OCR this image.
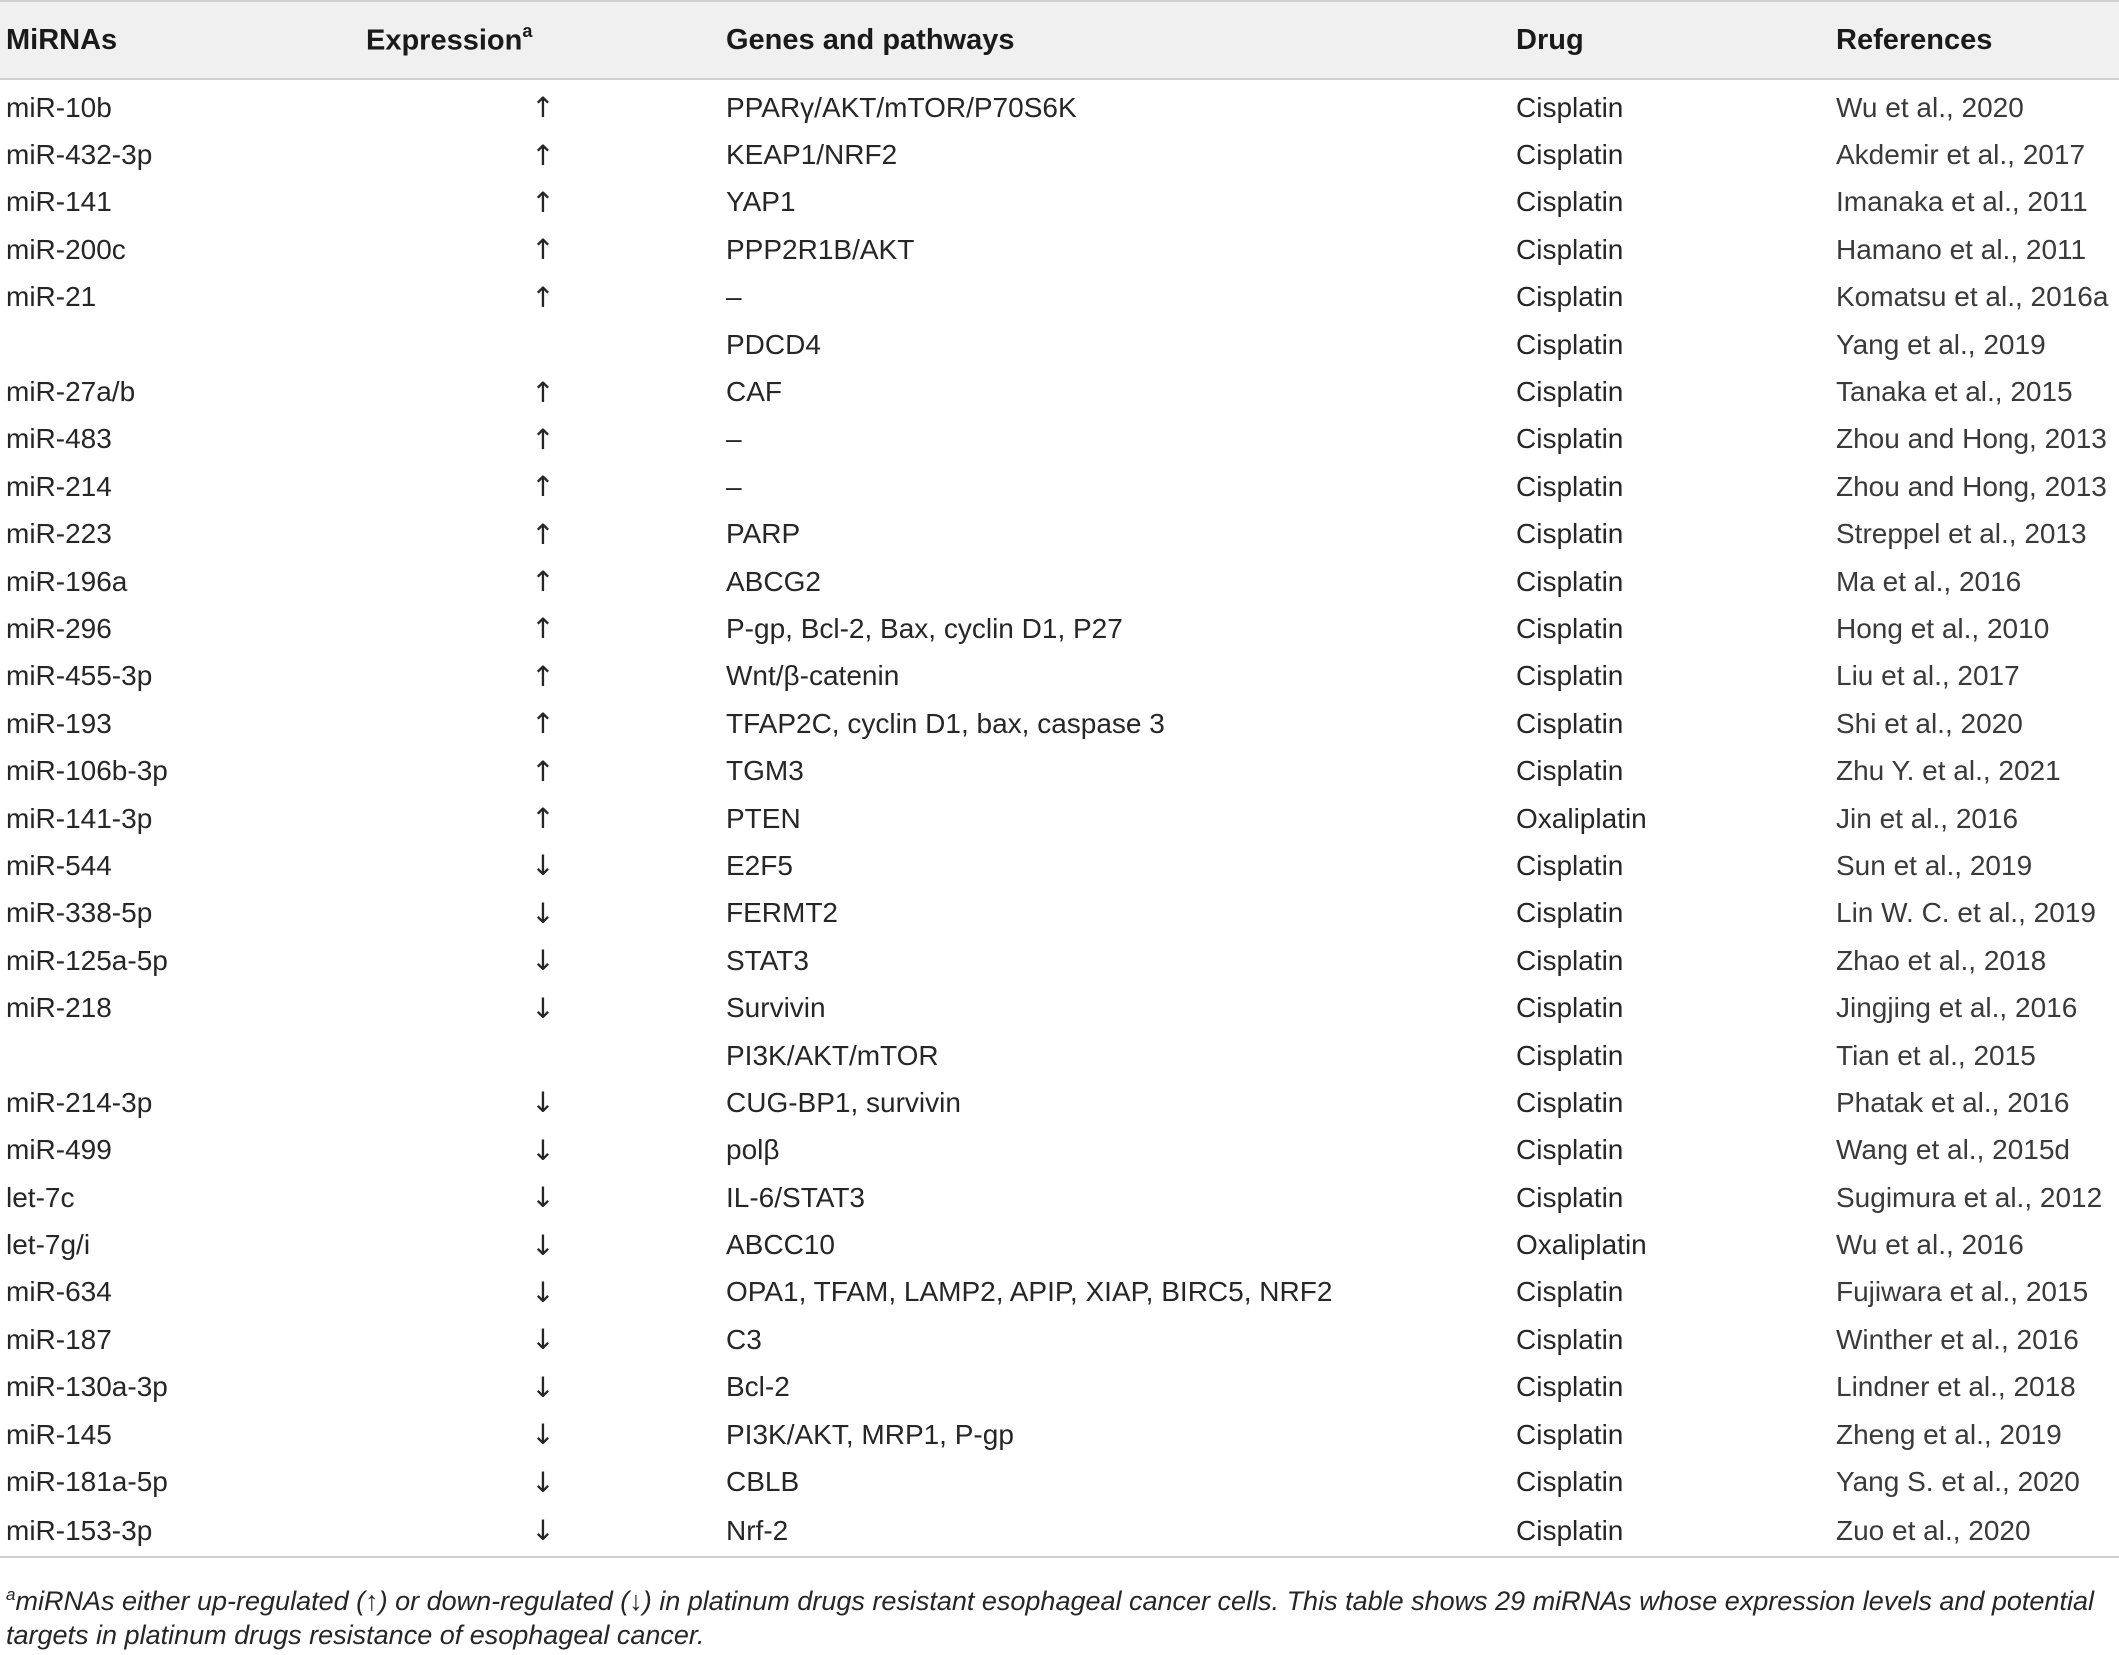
MiRNAs	Expression$^a$	Genes and pathways	Drug	References
miR-10b	↑	PPARγ/AKT/mTOR/P70S6K	Cisplatin	Wu et al., 2020
miR-432-3p	↑	KEAP1/NRF2	Cisplatin	Akdemir et al., 2017
miR-141	↑	YAP1	Cisplatin	Imanaka et al., 2011
miR-200c	↑	PPP2R1B/AKT	Cisplatin	Hamano et al., 2011
miR-21	↑	–	Cisplatin	Komatsu et al., 2016a
		PDCD4	Cisplatin	Yang et al., 2019
miR-27a/b	↑	CAF	Cisplatin	Tanaka et al., 2015
miR-483	↑	–	Cisplatin	Zhou and Hong, 2013
miR-214	↑	–	Cisplatin	Zhou and Hong, 2013
miR-223	↑	PARP	Cisplatin	Streppel et al., 2013
miR-196a	↑	ABCG2	Cisplatin	Ma et al., 2016
miR-296	↑	P-gp, Bcl-2, Bax, cyclin D1, P27	Cisplatin	Hong et al., 2010
miR-455-3p	↑	Wnt/β-catenin	Cisplatin	Liu et al., 2017
miR-193	↑	TFAP2C, cyclin D1, bax, caspase 3	Cisplatin	Shi et al., 2020
miR-106b-3p	↑	TGM3	Cisplatin	Zhu Y. et al., 2021
miR-141-3p	↑	PTEN	Oxaliplatin	Jin et al., 2016
miR-544	↓	E2F5	Cisplatin	Sun et al., 2019
miR-338-5p	↓	FERMT2	Cisplatin	Lin W. C. et al., 2019
miR-125a-5p	↓	STAT3	Cisplatin	Zhao et al., 2018
miR-218	↓	Survivin	Cisplatin	Jingjing et al., 2016
		PI3K/AKT/mTOR	Cisplatin	Tian et al., 2015
miR-214-3p	↓	CUG-BP1, survivin	Cisplatin	Phatak et al., 2016
miR-499	↓	polβ	Cisplatin	Wang et al., 2015d
let-7c	↓	IL-6/STAT3	Cisplatin	Sugimura et al., 2012
let-7g/i	↓	ABCC10	Oxaliplatin	Wu et al., 2016
miR-634	↓	OPA1, TFAM, LAMP2, APIP, XIAP, BIRC5, NRF2	Cisplatin	Fujiwara et al., 2015
miR-187	↓	C3	Cisplatin	Winther et al., 2016
miR-130a-3p	↓	Bcl-2	Cisplatin	Lindner et al., 2018
miR-145	↓	PI3K/AKT, MRP1, P-gp	Cisplatin	Zheng et al., 2019
miR-181a-5p	↓	CBLB	Cisplatin	Yang S. et al., 2020
miR-153-3p	↓	Nrf-2	Cisplatin	Zuo et al., 2020
$^a$miRNAs either up-regulated (↑) or down-regulated (↓) in platinum drugs resistant esophageal cancer cells. This table shows 29 miRNAs whose expression levels and potential targets in platinum drugs resistance of esophageal cancer.
